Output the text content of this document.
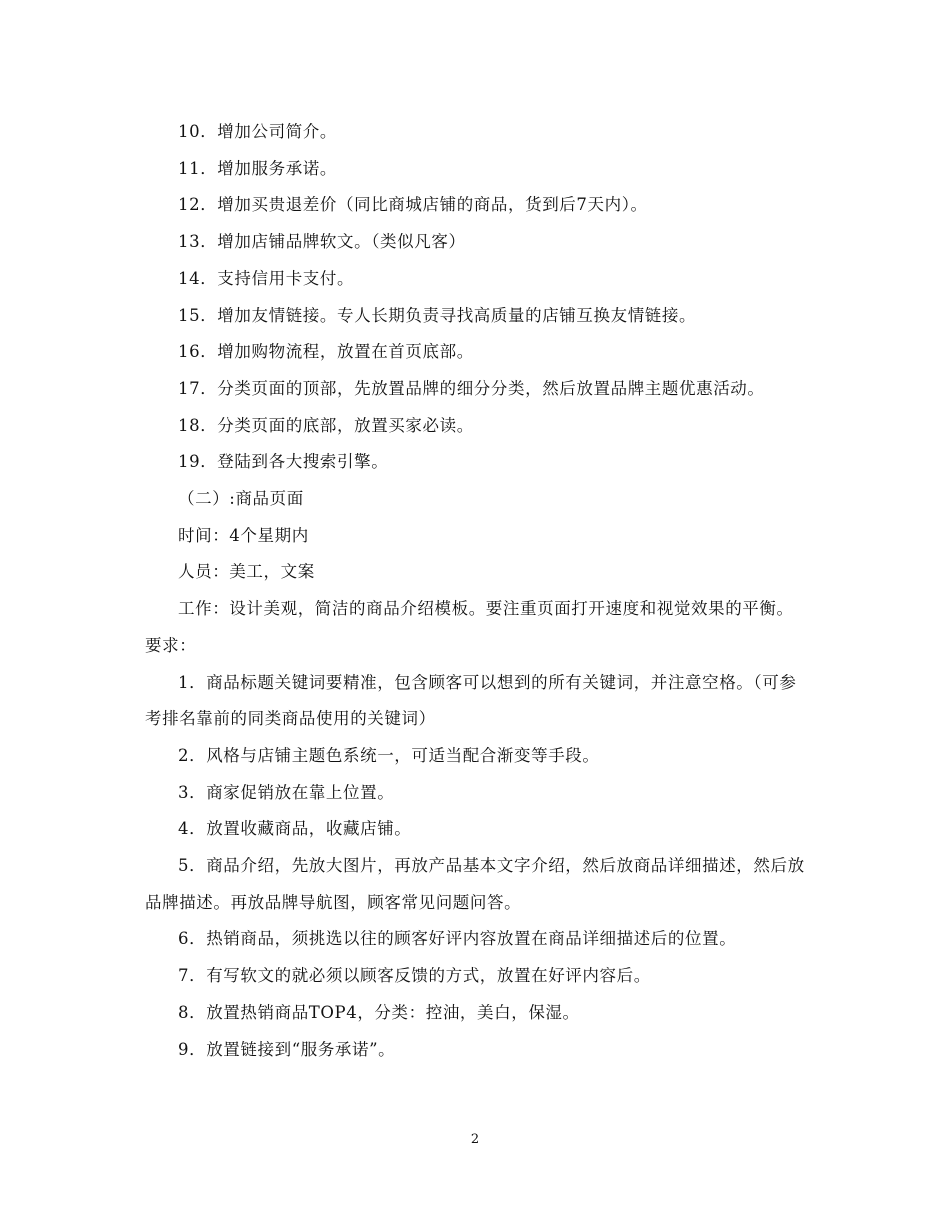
10．增加公司简介。

11．增加服务承诺。

12．增加买贵退差价（同比商城店铺的商品，货到后7天内）。

13．增加店铺品牌软文。（类似凡客）

14．支持信用卡支付。

15．增加友情链接。专人长期负责寻找高质量的店铺互换友情链接。

16．增加购物流程，放置在首页底部。

17．分类页面的顶部，先放置品牌的细分分类，然后放置品牌主题优惠活动。

18．分类页面的底部，放置买家必读。

19．登陆到各大搜索引擎。

（二）:商品页面

时间：4个星期内

人员：美工，文案

工作：设计美观，简洁的商品介绍模板。要注重页面打开速度和视觉效果的平衡。要求：

1．商品标题关键词要精准，包含顾客可以想到的所有关键词，并注意空格。（可参考排名靠前的同类商品使用的关键词）

2．风格与店铺主题色系统一，可适当配合渐变等手段。

3．商家促销放在靠上位置。

4．放置收藏商品，收藏店铺。

5．商品介绍，先放大图片，再放产品基本文字介绍，然后放商品详细描述，然后放品牌描述。再放品牌导航图，顾客常见问题问答。

6．热销商品，须挑选以往的顾客好评内容放置在商品详细描述后的位置。

7．有写软文的就必须以顾客反馈的方式，放置在好评内容后。

8．放置热销商品TOP4，分类：控油，美白，保湿。

9．放置链接到“服务承诺”。

2
